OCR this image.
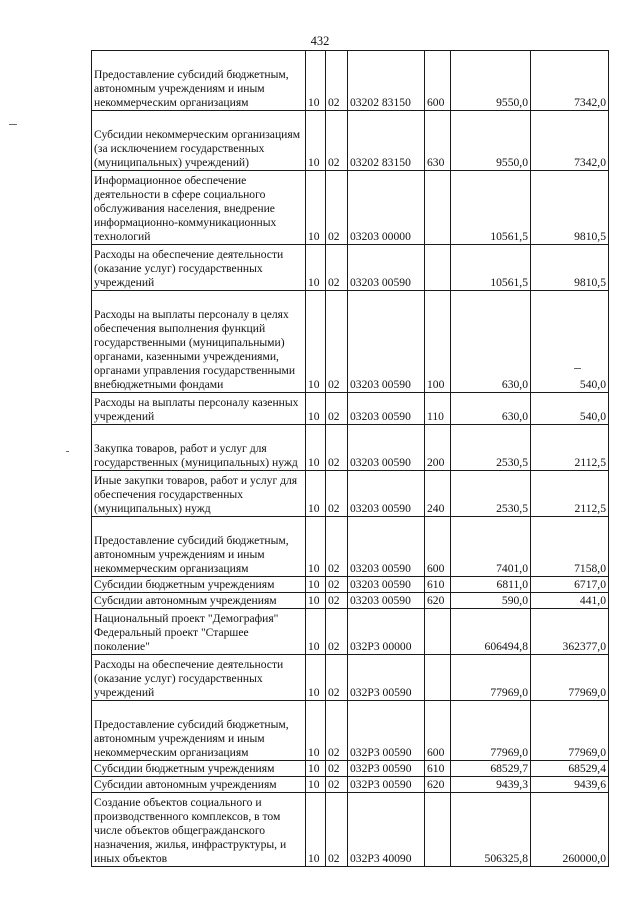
432
Предоставление субсидий бюджетным, автономным учреждениям и иным некоммерческим организациям	10	02	03202 83150	600	9550,0	7342,0
Субсидии некоммерческим организациям (за исключением государственных (муниципальных) учреждений)	10	02	03202 83150	630	9550,0	7342,0
Информационное обеспечение деятельности в сфере социального обслуживания населения, внедрение информационно-коммуникационных технологий	10	02	03203 00000		10561,5	9810,5
Расходы на обеспечение деятельности (оказание услуг) государственных учреждений	10	02	03203 00590		10561,5	9810,5
Расходы на выплаты персоналу в целях обеспечения выполнения функций государственными (муниципальными) органами, казенными учреждениями, органами управления государственными внебюджетными фондами	10	02	03203 00590	100	630,0	540,0
Расходы на выплаты персоналу казенных учреждений	10	02	03203 00590	110	630,0	540,0
Закупка товаров, работ и услуг для государственных (муниципальных) нужд	10	02	03203 00590	200	2530,5	2112,5
Иные закупки товаров, работ и услуг для обеспечения государственных (муниципальных) нужд	10	02	03203 00590	240	2530,5	2112,5
Предоставление субсидий бюджетным, автономным учреждениям и иным некоммерческим организациям	10	02	03203 00590	600	7401,0	7158,0
Субсидии бюджетным учреждениям	10	02	03203 00590	610	6811,0	6717,0
Субсидии автономным учреждениям	10	02	03203 00590	620	590,0	441,0
Национальный проект "Демография" Федеральный проект "Старшее поколение"	10	02	032P3 00000		606494,8	362377,0
Расходы на обеспечение деятельности (оказание услуг) государственных учреждений	10	02	032P3 00590		77969,0	77969,0
Предоставление субсидий бюджетным, автономным учреждениям и иным некоммерческим организациям	10	02	032P3 00590	600	77969,0	77969,0
Субсидии бюджетным учреждениям	10	02	032P3 00590	610	68529,7	68529,4
Субсидии автономным учреждениям	10	02	032P3 00590	620	9439,3	9439,6
Создание объектов социального и производственного комплексов, в том числе объектов общегражданского назначения, жилья, инфраструктуры, и иных объектов	10	02	032P3 40090		506325,8	260000,0
